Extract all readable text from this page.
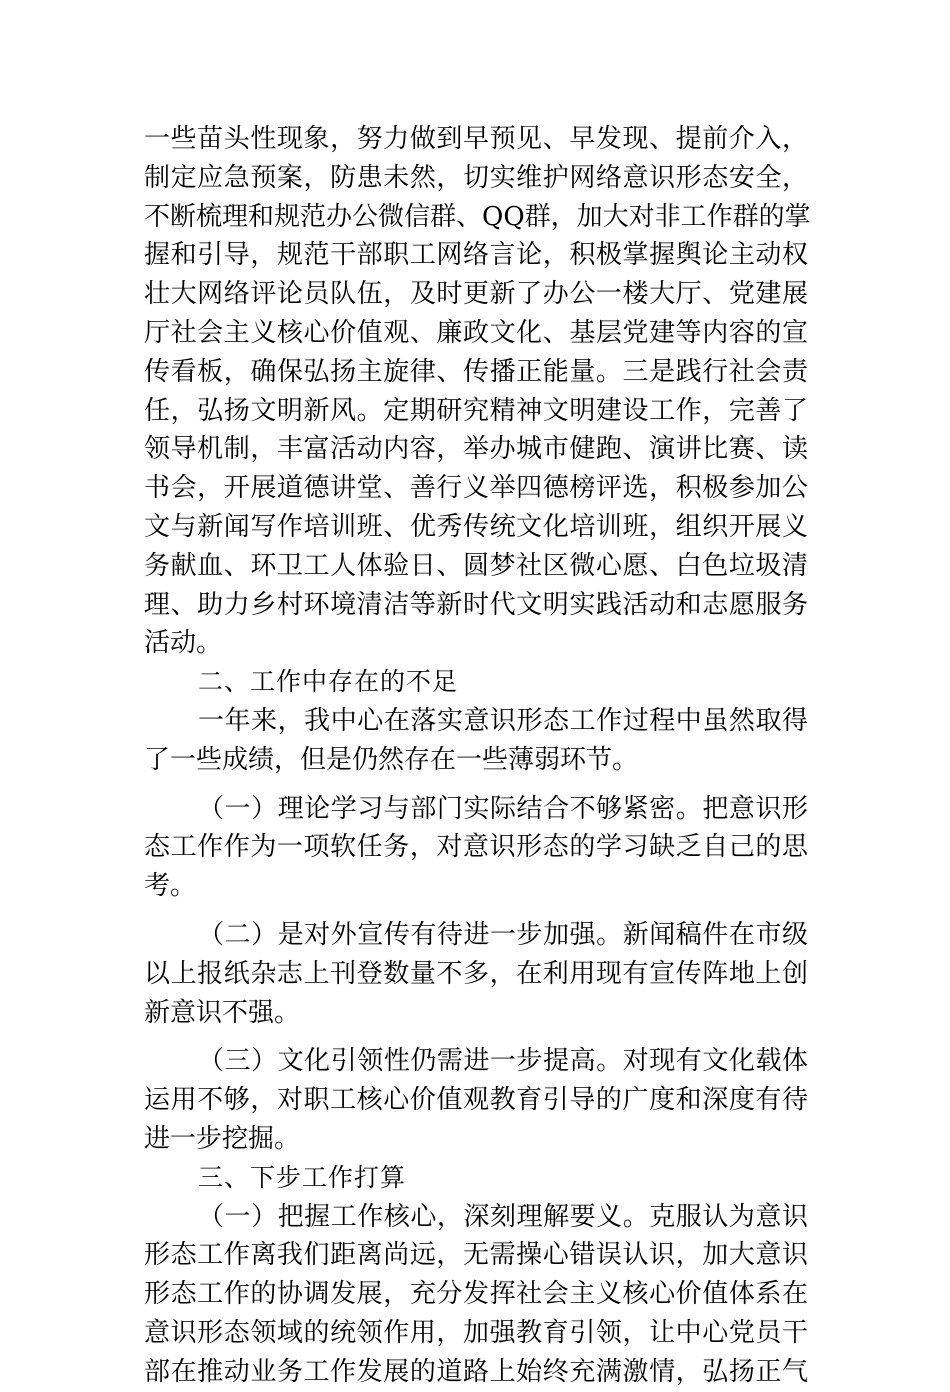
一些苗头性现象，努力做到早预见、早发现、提前介入，
制定应急预案，防患未然，切实维护网络意识形态安全，
不断梳理和规范办公微信群、QQ群，加大对非工作群的掌
握和引导，规范干部职工网络言论，积极掌握舆论主动权
壮大网络评论员队伍，及时更新了办公一楼大厅、党建展
厅社会主义核心价值观、廉政文化、基层党建等内容的宣
传看板，确保弘扬主旋律、传播正能量。三是践行社会责
任，弘扬文明新风。定期研究精神文明建设工作，完善了
领导机制，丰富活动内容，举办城市健跑、演讲比赛、读
书会，开展道德讲堂、善行义举四德榜评选，积极参加公
文与新闻写作培训班、优秀传统文化培训班，组织开展义
务献血、环卫工人体验日、圆梦社区微心愿、白色垃圾清
理、助力乡村环境清洁等新时代文明实践活动和志愿服务
活动。
二、工作中存在的不足
一年来，我中心在落实意识形态工作过程中虽然取得
了一些成绩，但是仍然存在一些薄弱环节。
（一）理论学习与部门实际结合不够紧密。把意识形
态工作作为一项软任务，对意识形态的学习缺乏自己的思
考。
（二）是对外宣传有待进一步加强。新闻稿件在市级
以上报纸杂志上刊登数量不多，在利用现有宣传阵地上创
新意识不强。
（三）文化引领性仍需进一步提高。对现有文化载体
运用不够，对职工核心价值观教育引导的广度和深度有待
进一步挖掘。
三、下步工作打算
（一）把握工作核心，深刻理解要义。克服认为意识
形态工作离我们距离尚远，无需操心错误认识，加大意识
形态工作的协调发展，充分发挥社会主义核心价值体系在
意识形态领域的统领作用，加强教育引领，让中心党员干
部在推动业务工作发展的道路上始终充满激情，弘扬正气
